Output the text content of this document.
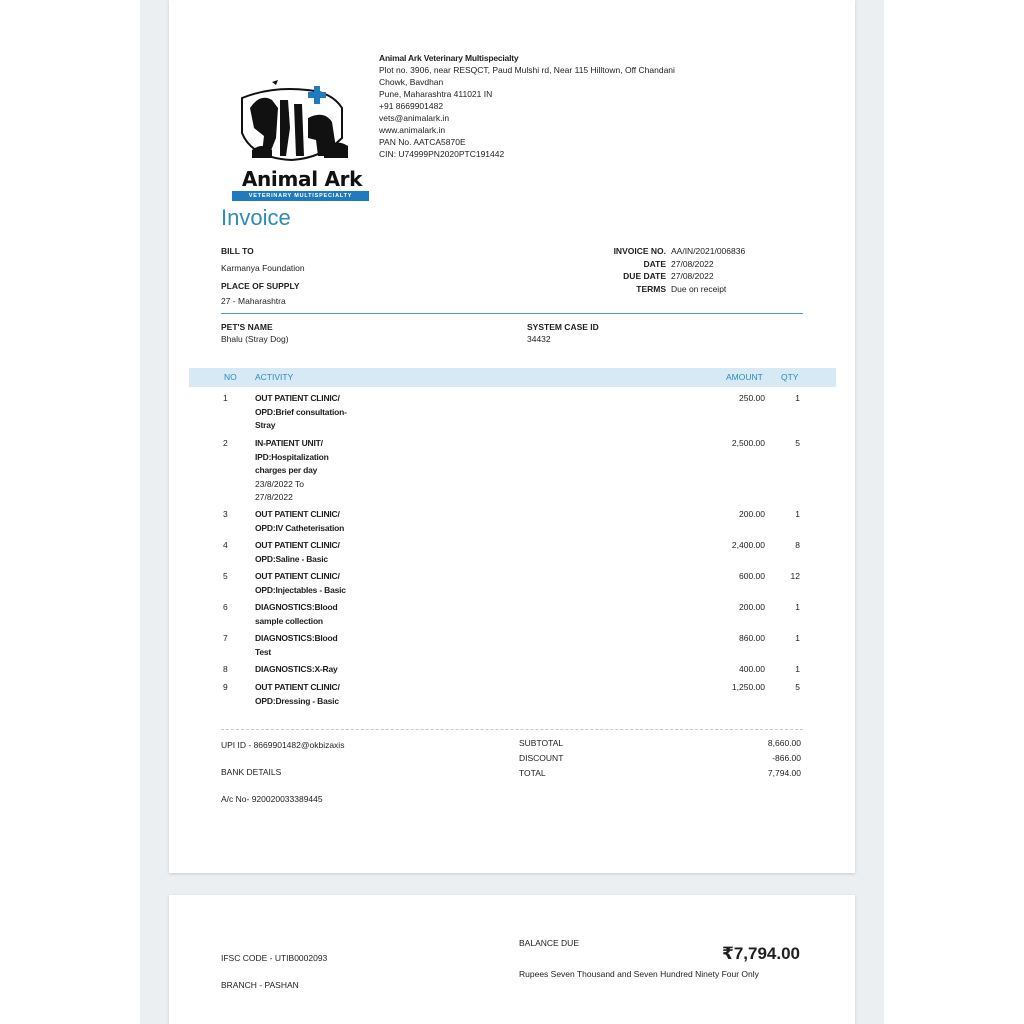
Animal Ark
VETERINARY MULTISPECIALTY
Animal Ark Veterinary Multispecialty
Plot no. 3906, near RESQCT, Paud Mulshi rd, Near 115 Hilltown, Off Chandani
Chowk, Bavdhan
Pune, Maharashtra 411021 IN
+91 8669901482
vets@animalark.in
www.animalark.in
PAN No. AATCA5870E
CIN: U74999PN2020PTC191442
Invoice
BILL TO
Karmanya Foundation
PLACE OF SUPPLY
27 - Maharashtra
INVOICE NO. AA/IN/2021/006836
DATE 27/08/2022
DUE DATE 27/08/2022
TERMS Due on receipt
PET'S NAME
Bhalu (Stray Dog)
SYSTEM CASE ID
34432
NO ACTIVITY	AMOUNT QTY
1	OUT PATIENT CLINIC/
OPD:Brief consultation-
Stray
250.00	1
2	IN-PATIENT UNIT/
IPD:Hospitalization
charges per day
23/8/2022 To
27/8/2022
2,500.00	5
3	OUT PATIENT CLINIC/
OPD:IV Catheterisation
200.00	1
4	OUT PATIENT CLINIC/
OPD:Saline - Basic
2,400.00	8
5	OUT PATIENT CLINIC/
OPD:Injectables - Basic
600.00	12
6	DIAGNOSTICS:Blood
sample collection
200.00	1
7	DIAGNOSTICS:Blood
Test
860.00	1
8	DIAGNOSTICS:X-Ray	400.00	1
9	OUT PATIENT CLINIC/
OPD:Dressing - Basic
1,250.00	5
UPI ID - 8669901482@okbizaxis
BANK DETAILS
A/c No- 920020033389445
SUBTOTAL	8,660.00
DISCOUNT	-866.00
TOTAL	7,794.00
IFSC CODE - UTIB0002093
BRANCH - PASHAN
BALANCE DUE
₹7,794.00
Rupees Seven Thousand and Seven Hundred Ninety Four Only
